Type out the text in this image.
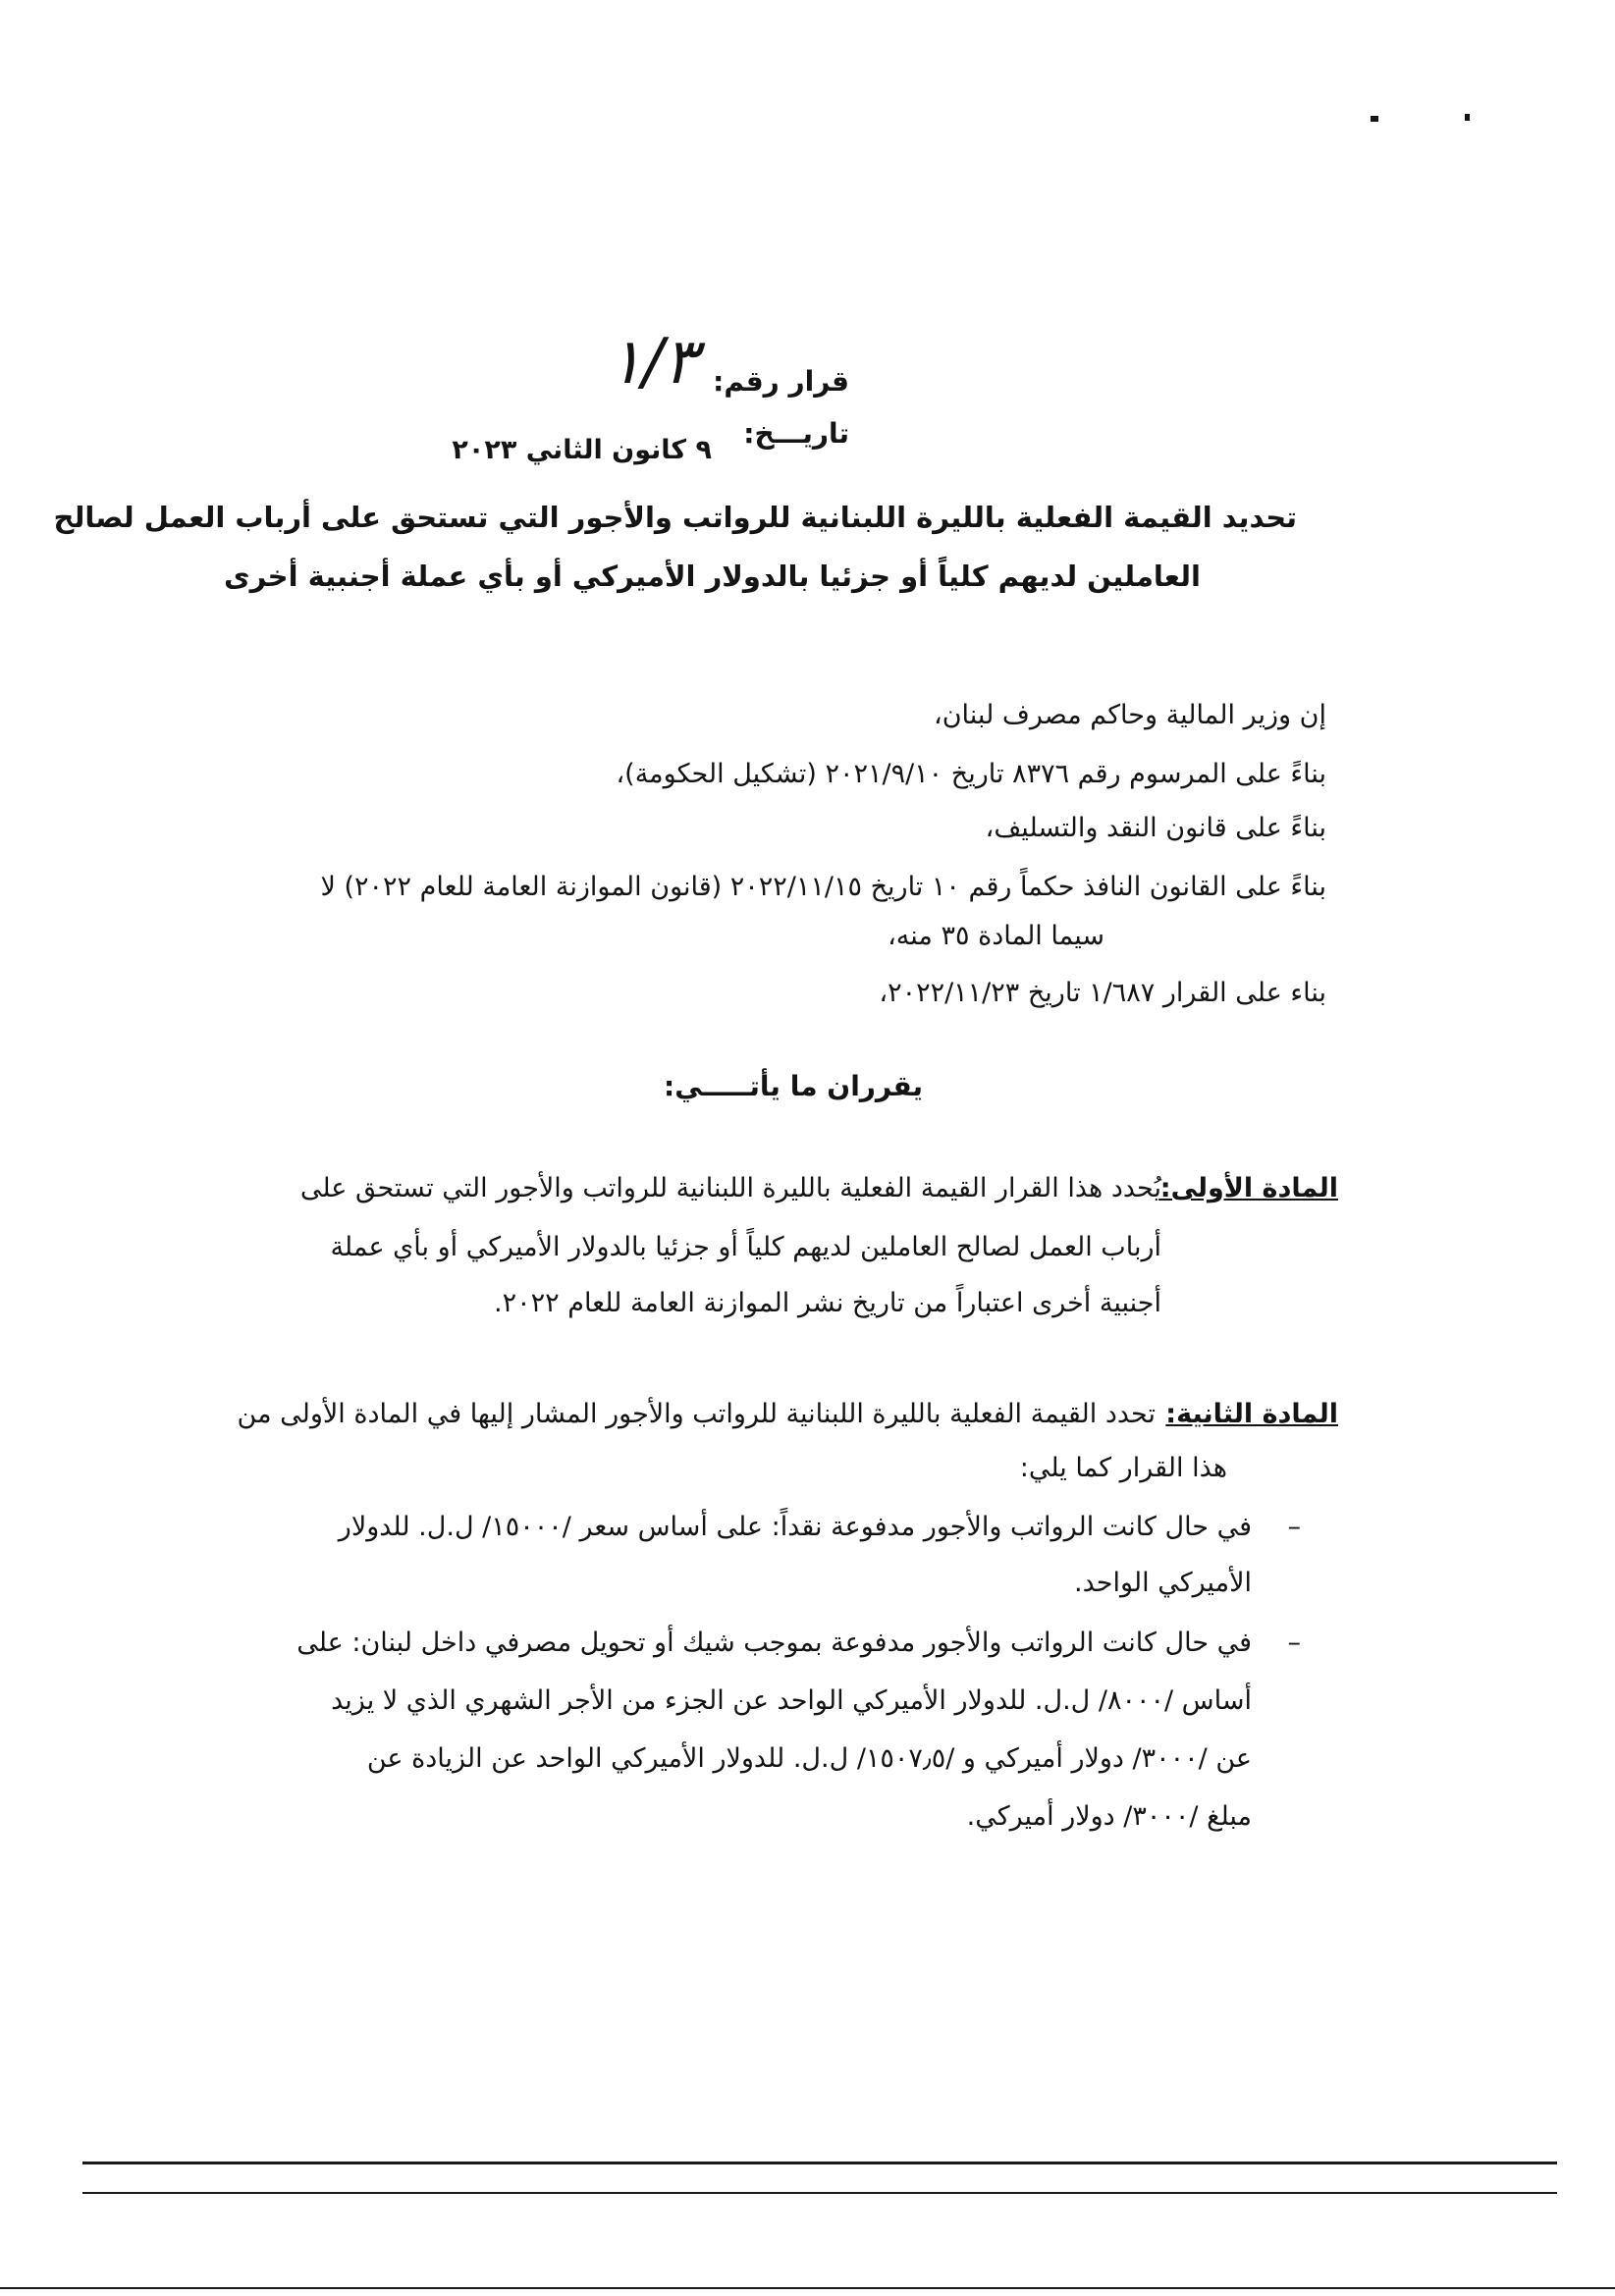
قرار رقم:
١/٣
تاريـــخ:
٩ كانون الثاني ٢٠٢٣
تحديد القيمة الفعلية بالليرة اللبنانية للرواتب والأجور التي تستحق على أرباب العمل لصالح
العاملين لديهم كلياً أو جزئيا بالدولار الأميركي أو بأي عملة أجنبية أخرى
إن وزير المالية وحاكم مصرف لبنان،
بناءً على المرسوم رقم ٨٣٧٦ تاريخ ٢٠٢١/٩/١٠ (تشكيل الحكومة)،
بناءً على قانون النقد والتسليف،
بناءً على القانون النافذ حكماً رقم ١٠ تاريخ ٢٠٢٢/١١/١٥ (قانون الموازنة العامة للعام ٢٠٢٢) لا
سيما المادة ٣٥ منه،
بناء على القرار ١/٦٨٧ تاريخ ٢٠٢٢/١١/٢٣،
يقرران ما يأتـــــي:
المادة الأولى:
يُحدد هذا القرار القيمة الفعلية بالليرة اللبنانية للرواتب والأجور التي تستحق على
أرباب العمل لصالح العاملين لديهم كلياً أو جزئيا بالدولار الأميركي أو بأي عملة
أجنبية أخرى اعتباراً من تاريخ نشر الموازنة العامة للعام ٢٠٢٢.
المادة الثانية:
تحدد القيمة الفعلية بالليرة اللبنانية للرواتب والأجور المشار إليها في المادة الأولى من
هذا القرار كما يلي:
–
في حال كانت الرواتب والأجور مدفوعة نقداً: على أساس سعر /١٥٠٠٠/ ل.ل. للدولار
الأميركي الواحد.
–
في حال كانت الرواتب والأجور مدفوعة بموجب شيك أو تحويل مصرفي داخل لبنان: على
أساس /٨٠٠٠/ ل.ل. للدولار الأميركي الواحد عن الجزء من الأجر الشهري الذي لا يزيد
عن /٣٠٠٠/ دولار أميركي و /١٥٠٧٫٥/ ل.ل. للدولار الأميركي الواحد عن الزيادة عن
مبلغ /٣٠٠٠/ دولار أميركي.
